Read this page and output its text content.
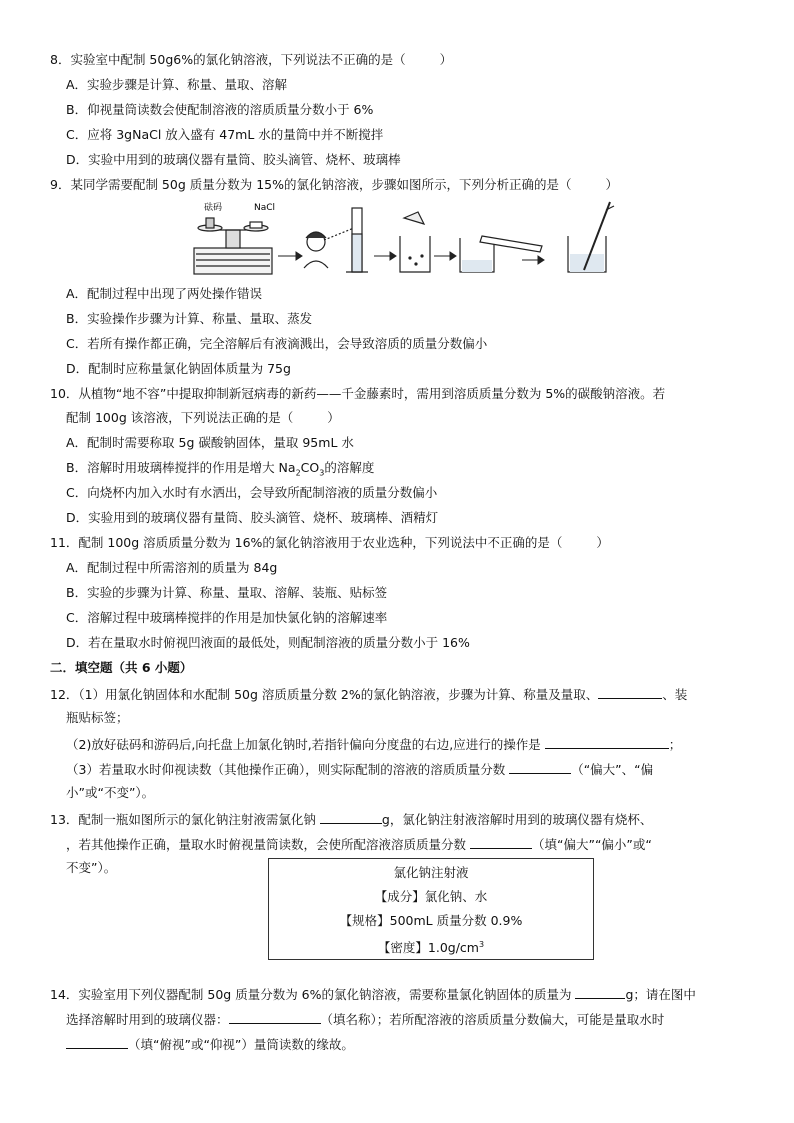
8．实验室中配制 50g6%的氯化钠溶液，下列说法不正确的是（	）
A．实验步骤是计算、称量、量取、溶解
B．仰视量筒读数会使配制溶液的溶质质量分数小于 6%
C．应将 3gNaCl 放入盛有 47mL 水的量筒中并不断搅拌
D．实验中用到的玻璃仪器有量筒、胶头滴管、烧杯、玻璃棒
9．某同学需要配制 50g 质量分数为 15%的氯化钠溶液，步骤如图所示，下列分析正确的是（	）
砝码	NaCl
A．配制过程中出现了两处操作错误
B．实验操作步骤为计算、称量、量取、蒸发
C．若所有操作都正确，完全溶解后有液滴溅出，会导致溶质的质量分数偏小
D．配制时应称量氯化钠固体质量为 75g
10．从植物“地不容”中提取抑制新冠病毒的新药——千金藤素时，需用到溶质质量分数为 5%的碳酸钠溶液。若
配制 100g 该溶液，下列说法正确的是（	）
A．配制时需要称取 5g 碳酸钠固体，量取 95mL 水
B．溶解时用玻璃棒搅拌的作用是增大 $Na_2CO_3$的溶解度
C．向烧杯内加入水时有水洒出，会导致所配制溶液的质量分数偏小
D．实验用到的玻璃仪器有量筒、胶头滴管、烧杯、玻璃棒、酒精灯
11．配制 100g 溶质质量分数为 16%的氯化钠溶液用于农业选种，下列说法中不正确的是（	）
A．配制过程中所需溶剂的质量为 84g
B．实验的步骤为计算、称量、量取、溶解、装瓶、贴标签
C．溶解过程中玻璃棒搅拌的作用是加快氯化钠的溶解速率
D．若在量取水时俯视凹液面的最低处，则配制溶液的质量分数小于 16%
二．填空题（共 6 小题）
12．（1）用氯化钠固体和水配制 50g 溶质质量分数 2%的氯化钠溶液，步骤为计算、称量及量取、	、装
瓶贴标签；
（2)放好砝码和游码后,向托盘上加氯化钠时,若指针偏向分度盘的右边,应进行的操作是	；
（3）若量取水时仰视读数（其他操作正确），则实际配制的溶液的溶质质量分数	（“偏大”、“偏
小”或“不变”）。
13．配制一瓶如图所示的氯化钠注射液需氯化钠	g，氯化钠注射液溶解时用到的玻璃仪器有烧杯、
，若其他操作正确，量取水时俯视量筒读数，会使所配溶液溶质质量分数	（填“偏大”“偏小”或“
不变”）。	氯化钠注射液
【成分】氯化钠、水
【规格】500mL 质量分数 0.9%
【密度】$1.0g/cm^3$
14．实验室用下列仪器配制 50g 质量分数为 6%的氯化钠溶液，需要称量氯化钠固体的质量为	g；请在图中
选择溶解时用到的玻璃仪器：	（填名称）；若所配溶液的溶质质量分数偏大，可能是量取水时
（填“俯视”或“仰视”）量筒读数的缘故。
